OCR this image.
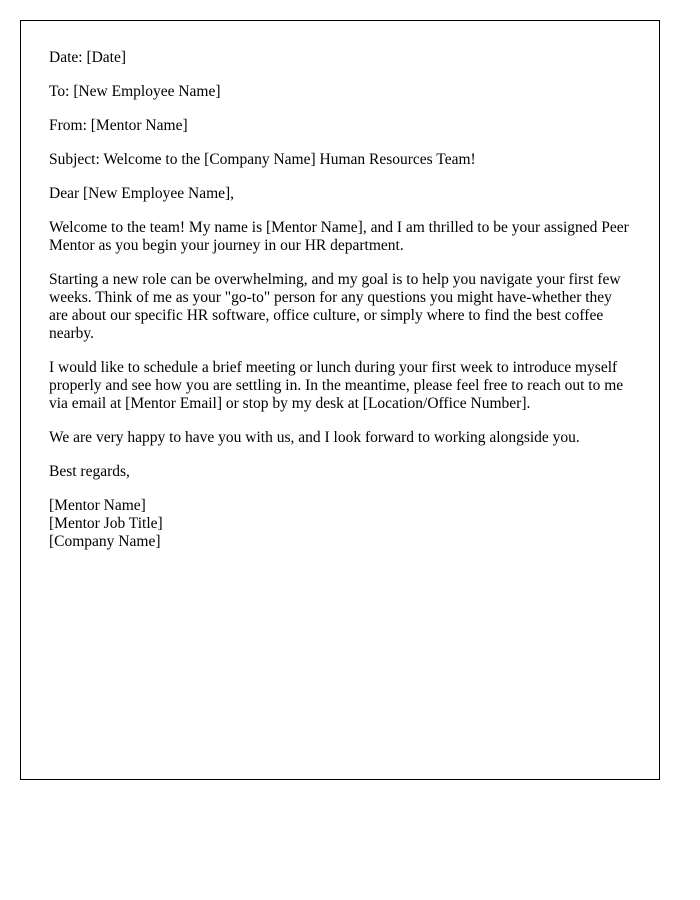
Date: [Date]

To: [New Employee Name]

From: [Mentor Name]

Subject: Welcome to the [Company Name] Human Resources Team!

Dear [New Employee Name],

Welcome to the team! My name is [Mentor Name], and I am thrilled to be your assigned Peer Mentor as you begin your journey in our HR department.

Starting a new role can be overwhelming, and my goal is to help you navigate your first few weeks. Think of me as your "go-to" person for any questions you might have-whether they are about our specific HR software, office culture, or simply where to find the best coffee nearby.

I would like to schedule a brief meeting or lunch during your first week to introduce myself properly and see how you are settling in. In the meantime, please feel free to reach out to me via email at [Mentor Email] or stop by my desk at [Location/Office Number].

We are very happy to have you with us, and I look forward to working alongside you.

Best regards,

[Mentor Name]
[Mentor Job Title]
[Company Name]
